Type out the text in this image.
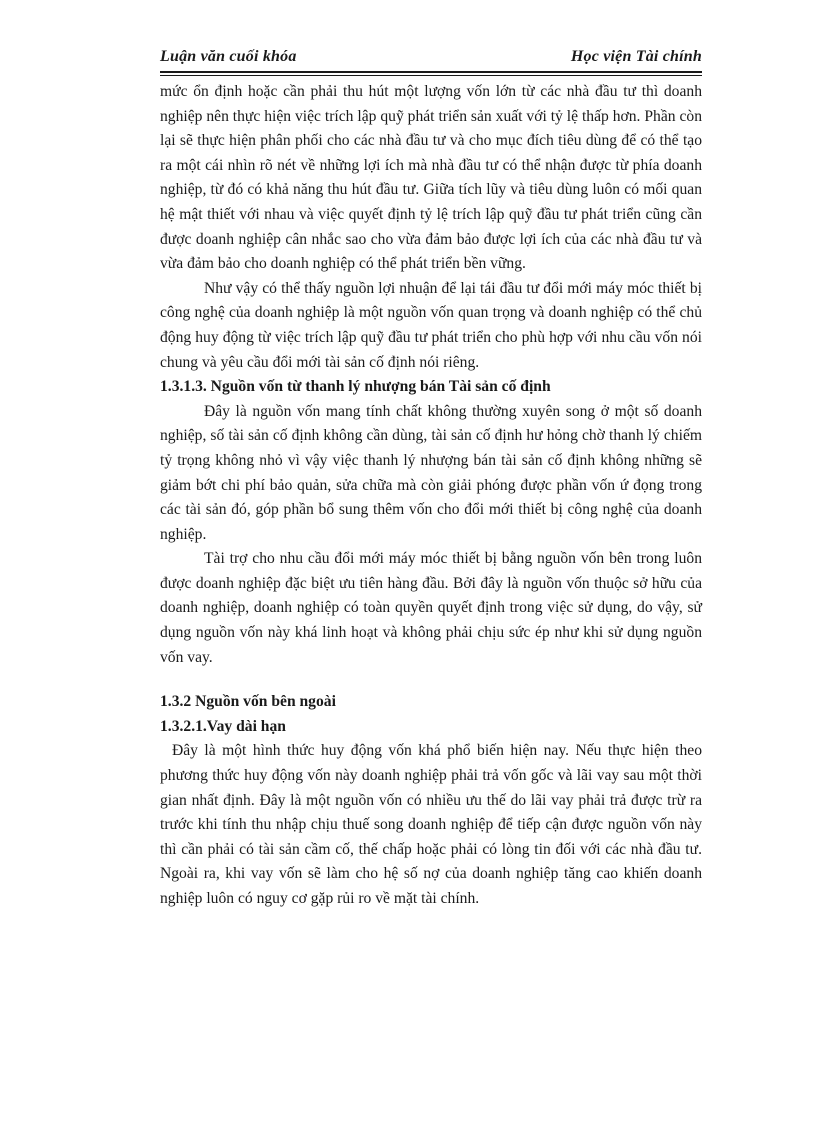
Luận văn cuối khóa	Học viện Tài chính

mức ổn định hoặc cần phải thu hút một lượng vốn lớn từ các nhà đầu tư thì doanh nghiệp nên thực hiện việc trích lập quỹ phát triển sản xuất với tỷ lệ thấp hơn. Phần còn lại sẽ thực hiện phân phối cho các nhà đầu tư và cho mục đích tiêu dùng để có thể tạo ra một cái nhìn rõ nét về những lợi ích mà nhà đầu tư có thể nhận được từ phía doanh nghiệp, từ đó có khả năng thu hút đầu tư. Giữa tích lũy và tiêu dùng luôn có mối quan hệ mật thiết với nhau và việc quyết định tỷ lệ trích lập quỹ đầu tư phát triển cũng cần được doanh nghiệp cân nhắc sao cho vừa đảm bảo được lợi ích của các nhà đầu tư và vừa đảm bảo cho doanh nghiệp có thể phát triển bền vững.

Như vậy có thể thấy nguồn lợi nhuận để lại tái đầu tư đổi mới máy móc thiết bị công nghệ của doanh nghiệp là một nguồn vốn quan trọng và doanh nghiệp có thể chủ động huy động từ việc trích lập quỹ đầu tư phát triển cho phù hợp với nhu cầu vốn nói chung và yêu cầu đổi mới tài sản cố định nói riêng.

1.3.1.3. Nguồn vốn từ thanh lý nhượng bán Tài sản cố định

Đây là nguồn vốn mang tính chất không thường xuyên song ở một số doanh nghiệp, số tài sản cố định không cần dùng, tài sản cố định hư hỏng chờ thanh lý chiếm tỷ trọng không nhỏ vì vậy việc thanh lý nhượng bán tài sản cố định không những sẽ giảm bớt chi phí bảo quản, sửa chữa mà còn giải phóng được phần vốn ứ đọng trong các tài sản đó, góp phần bổ sung thêm vốn cho đổi mới thiết bị công nghệ của doanh nghiệp.

Tài trợ cho nhu cầu đổi mới máy móc thiết bị bằng nguồn vốn bên trong luôn được doanh nghiệp đặc biệt ưu tiên hàng đầu. Bởi đây là nguồn vốn thuộc sở hữu của doanh nghiệp, doanh nghiệp có toàn quyền quyết định trong việc sử dụng, do vậy, sử dụng nguồn vốn này khá linh hoạt và không phải chịu sức ép như khi sử dụng nguồn vốn vay.

1.3.2 Nguồn vốn bên ngoài

1.3.2.1.Vay dài hạn

Đây là một hình thức huy động vốn khá phổ biến hiện nay. Nếu thực hiện theo phương thức huy động vốn này doanh nghiệp phải trả vốn gốc và lãi vay sau một thời gian nhất định. Đây là một nguồn vốn có nhiều ưu thế do lãi vay phải trả được trừ ra trước khi tính thu nhập chịu thuế song doanh nghiệp để tiếp cận được nguồn vốn này thì cần phải có tài sản cầm cố, thế chấp hoặc phải có lòng tin đối với các nhà đầu tư. Ngoài ra, khi vay vốn sẽ làm cho hệ số nợ của doanh nghiệp tăng cao khiến doanh nghiệp luôn có nguy cơ gặp rủi ro về mặt tài chính.
